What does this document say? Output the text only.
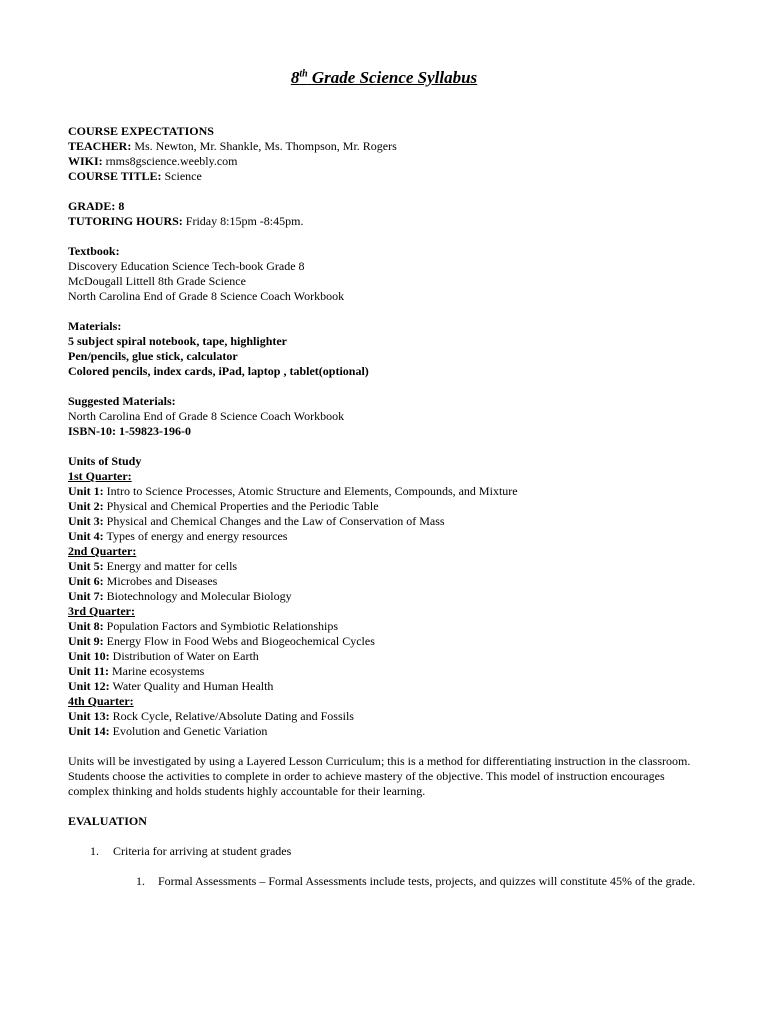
8th Grade Science Syllabus
COURSE EXPECTATIONS
TEACHER: Ms. Newton, Mr. Shankle, Ms. Thompson, Mr. Rogers
WIKI: rnms8gscience.weebly.com
COURSE TITLE: Science
GRADE: 8
TUTORING HOURS: Friday 8:15pm -8:45pm.
Textbook:
Discovery Education Science Tech-book Grade 8
McDougall Littell 8th Grade Science
North Carolina End of Grade 8 Science Coach Workbook
Materials:
5 subject spiral notebook, tape, highlighter
Pen/pencils, glue stick, calculator
Colored pencils, index cards, iPad, laptop , tablet(optional)
Suggested Materials:
North Carolina End of Grade 8 Science Coach Workbook
ISBN-10: 1-59823-196-0
Units of Study
1st Quarter:
Unit 1: Intro to Science Processes, Atomic Structure and Elements, Compounds, and Mixture
Unit 2: Physical and Chemical Properties and the Periodic Table
Unit 3: Physical and Chemical Changes and the Law of Conservation of Mass
Unit 4: Types of energy and energy resources
2nd Quarter:
Unit 5: Energy and matter for cells
Unit 6: Microbes and Diseases
Unit 7: Biotechnology and Molecular Biology
3rd Quarter:
Unit 8: Population Factors and Symbiotic Relationships
Unit 9: Energy Flow in Food Webs and Biogeochemical Cycles
Unit 10: Distribution of Water on Earth
Unit 11: Marine ecosystems
Unit 12: Water Quality and Human Health
4th Quarter:
Unit 13: Rock Cycle, Relative/Absolute Dating and Fossils
Unit 14: Evolution and Genetic Variation
Units will be investigated by using a Layered Lesson Curriculum; this is a method for differentiating instruction in the classroom. Students choose the activities to complete in order to achieve mastery of the objective. This model of instruction encourages complex thinking and holds students highly accountable for their learning.
EVALUATION
1. Criteria for arriving at student grades
1. Formal Assessments – Formal Assessments include tests, projects, and quizzes will constitute 45% of the grade.
